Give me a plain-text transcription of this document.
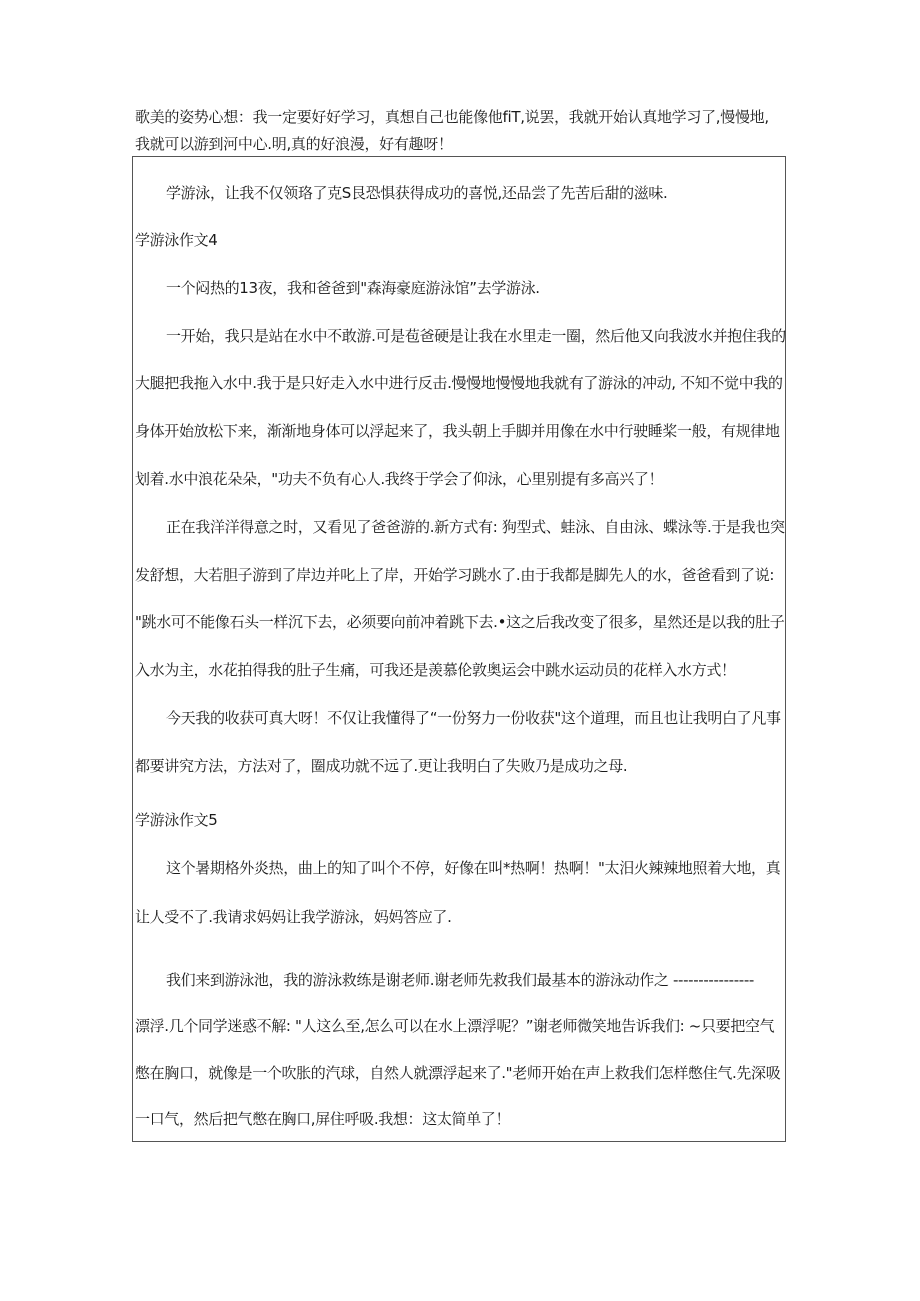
歌美的姿势心想：我一定要好好学习，真想自己也能像他fiT,说罢，我就开始认真地学习了,慢慢地,

我就可以游到河中心.明,真的好浪漫，好有趣呀！

学游泳，让我不仅领珞了克S艮恐惧获得成功的喜悦,还品尝了先苦后甜的滋味.
学游泳作文4
一个闷热的13夜，我和爸爸到"森海豪庭游泳馆”去学游泳.
一开始，我只是站在水中不敢游.可是苞爸硬是让我在水里走一圈，然后他又向我波水并抱住我的
大腿把我拖入水中.我于是只好走入水中进行反击.慢慢地慢慢地我就有了游泳的冲动, 不知不觉中我的
身体开始放松下来，渐渐地身体可以浮起来了，我头朝上手脚并用像在水中行驶睡桨一般，有规律地
划着.水中浪花朵朵，"功夫不负有心人.我终于学会了仰泳，心里别提有多高兴了！
正在我洋洋得意之时，又看见了爸爸游的.新方式有: 狗型式、蛙泳、自由泳、蝶泳等.于是我也突
发舒想，大若胆子游到了岸边并叱上了岸，开始学习跳水了.由于我都是脚先人的水，爸爸看到了说:
"跳水可不能像石头一样沉下去，必须要向前冲着跳下去.•这之后我改变了很多，星然还是以我的肚子
入水为主，水花拍得我的肚子生痛，可我还是羡慕伦敦奥运会中跳水运动员的花样入水方式！
今天我的收获可真大呀！不仅让我懂得了“一份努力一份收获"这个道理，而且也让我明白了凡事
都要讲究方法，方法对了，圈成功就不远了.更让我明白了失败乃是成功之母.
学游泳作文5
这个暑期格外炎热，曲上的知了叫个不停，好像在叫*热啊！热啊！"太汨火辣辣地照着大地，真
让人受不了.我请求妈妈让我学游泳，妈妈答应了.
我们来到游泳池，我的游泳救练是谢老师.谢老师先救我们最基本的游泳动作之 ----------------
漂浮.几个同学迷惑不解: "人这么至,怎么可以在水上漂浮呢？”谢老师微笑地告诉我们: ~只要把空气
憋在胸口，就像是一个吹胀的汽球，自然人就漂浮起来了."老师开始在声上救我们怎样憋住气.先深吸
一口气，然后把气憋在胸口,屏住呼吸.我想：这太简单了！
